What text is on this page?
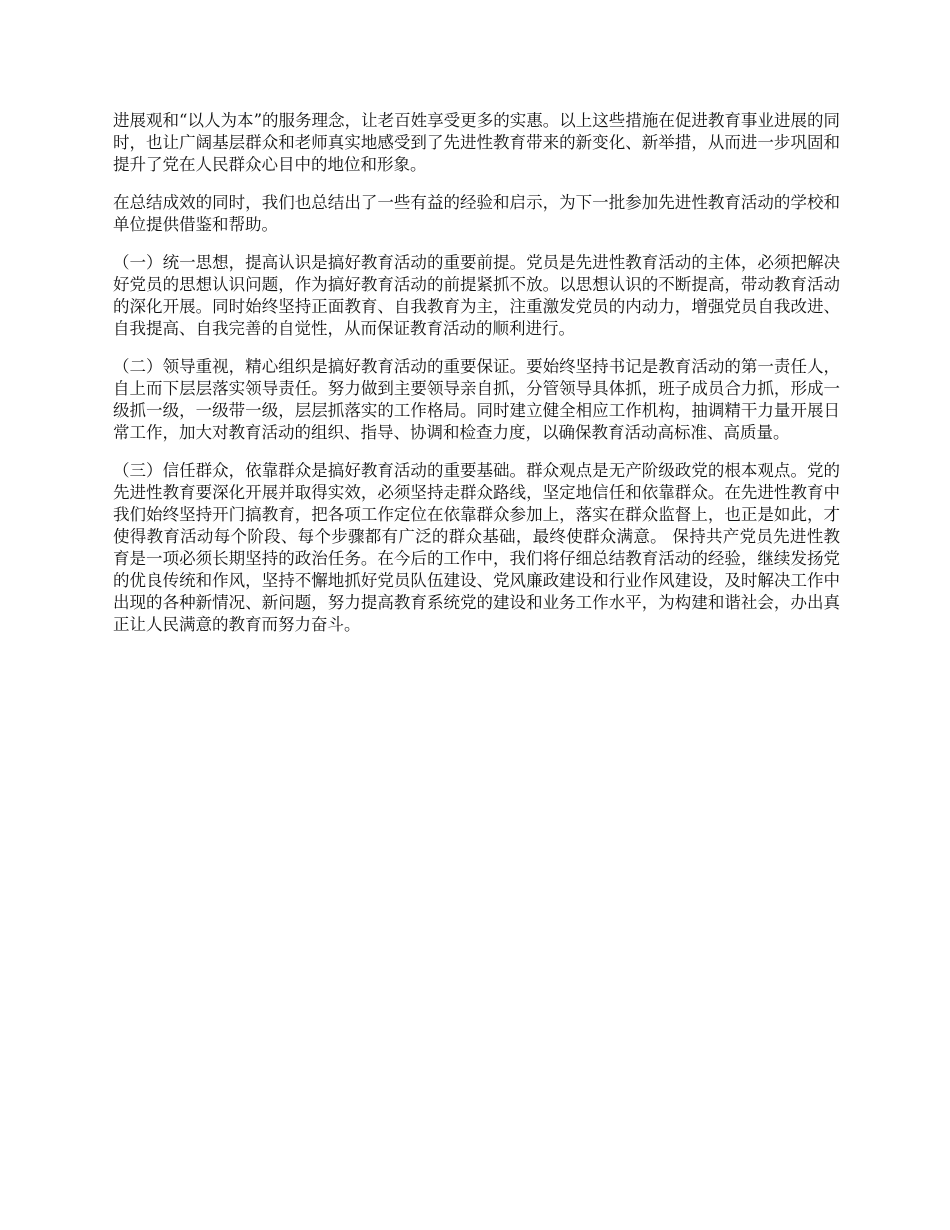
进展观和“以人为本”的服务理念，让老百姓享受更多的实惠。以上这些措施在促进教育事业进展的同时，也让广阔基层群众和老师真实地感受到了先进性教育带来的新变化、新举措，从而进一步巩固和提升了党在人民群众心目中的地位和形象。

在总结成效的同时，我们也总结出了一些有益的经验和启示，为下一批参加先进性教育活动的学校和单位提供借鉴和帮助。

（一）统一思想，提高认识是搞好教育活动的重要前提。党员是先进性教育活动的主体，必须把解决好党员的思想认识问题，作为搞好教育活动的前提紧抓不放。以思想认识的不断提高，带动教育活动的深化开展。同时始终坚持正面教育、自我教育为主，注重激发党员的内动力，增强党员自我改进、自我提高、自我完善的自觉性，从而保证教育活动的顺利进行。

（二）领导重视，精心组织是搞好教育活动的重要保证。要始终坚持书记是教育活动的第一责任人，自上而下层层落实领导责任。努力做到主要领导亲自抓，分管领导具体抓，班子成员合力抓，形成一级抓一级，一级带一级，层层抓落实的工作格局。同时建立健全相应工作机构，抽调精干力量开展日常工作，加大对教育活动的组织、指导、协调和检查力度，以确保教育活动高标准、高质量。

（三）信任群众，依靠群众是搞好教育活动的重要基础。群众观点是无产阶级政党的根本观点。党的先进性教育要深化开展并取得实效，必须坚持走群众路线，坚定地信任和依靠群众。在先进性教育中我们始终坚持开门搞教育，把各项工作定位在依靠群众参加上，落实在群众监督上，也正是如此，才使得教育活动每个阶段、每个步骤都有广泛的群众基础，最终使群众满意。 保持共产党员先进性教育是一项必须长期坚持的政治任务。在今后的工作中，我们将仔细总结教育活动的经验，继续发扬党的优良传统和作风，坚持不懈地抓好党员队伍建设、党风廉政建设和行业作风建设，及时解决工作中出现的各种新情况、新问题，努力提高教育系统党的建设和业务工作水平，为构建和谐社会，办出真正让人民满意的教育而努力奋斗。
